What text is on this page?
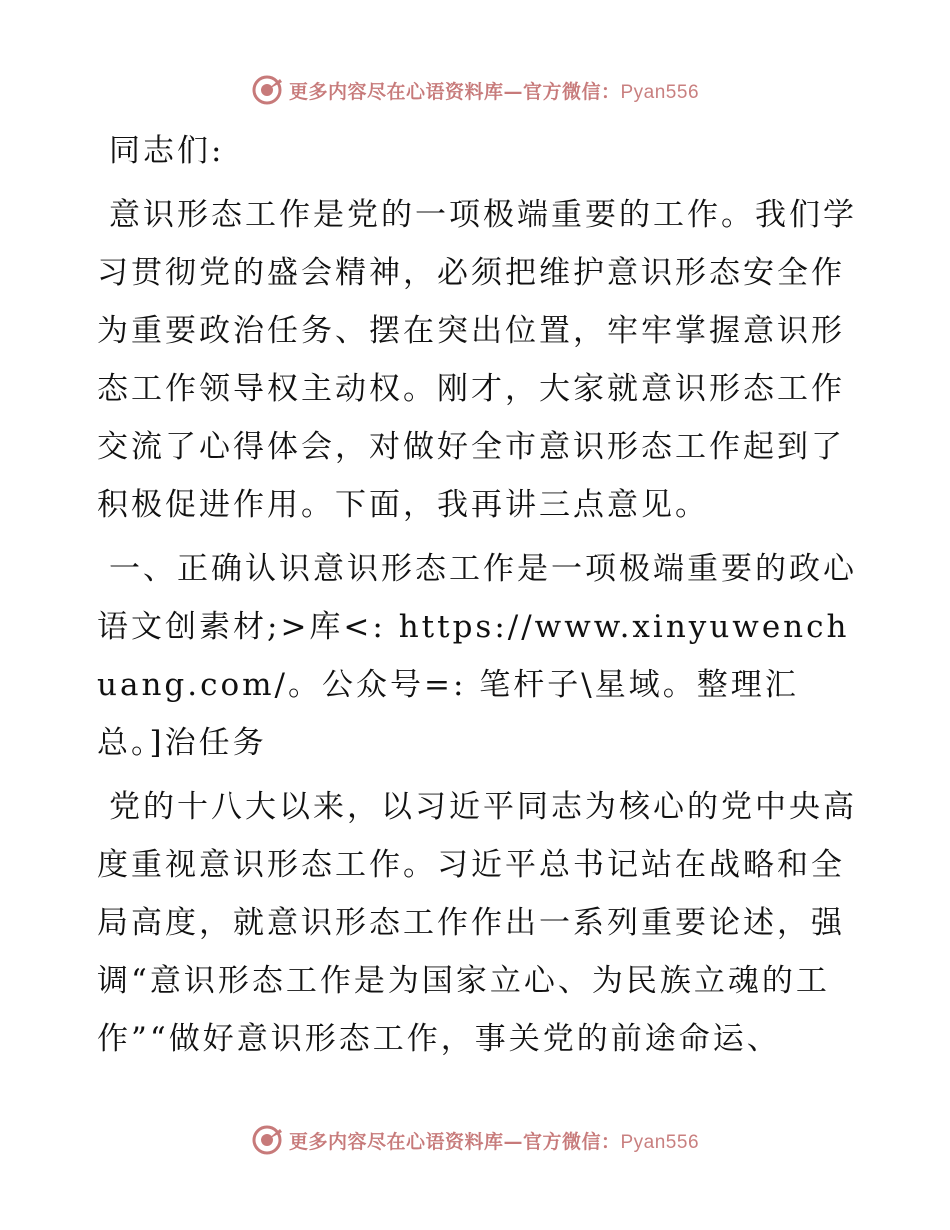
更多内容尽在心语资料库—官方微信：Pyan556

同志们:

意识形态工作是党的一项极端重要的工作。我们学习贯彻党的盛会精神，必须把维护意识形态安全作为重要政治任务、摆在突出位置，牢牢掌握意识形态工作领导权主动权。刚才，大家就意识形态工作交流了心得体会，对做好全市意识形态工作起到了积极促进作用。下面，我再讲三点意见。

一、正确认识意识形态工作是一项极端重要的政心语文创素材;>库<: https://www.xinyuwenchuang.com/。公众号=: 笔杆子\星域。整理汇总。]治任务

党的十八大以来，以习近平同志为核心的党中央高度重视意识形态工作。习近平总书记站在战略和全局高度，就意识形态工作作出一系列重要论述，强调“意识形态工作是为国家立心、为民族立魂的工作”“做好意识形态工作，事关党的前途命运、

更多内容尽在心语资料库—官方微信：Pyan556
